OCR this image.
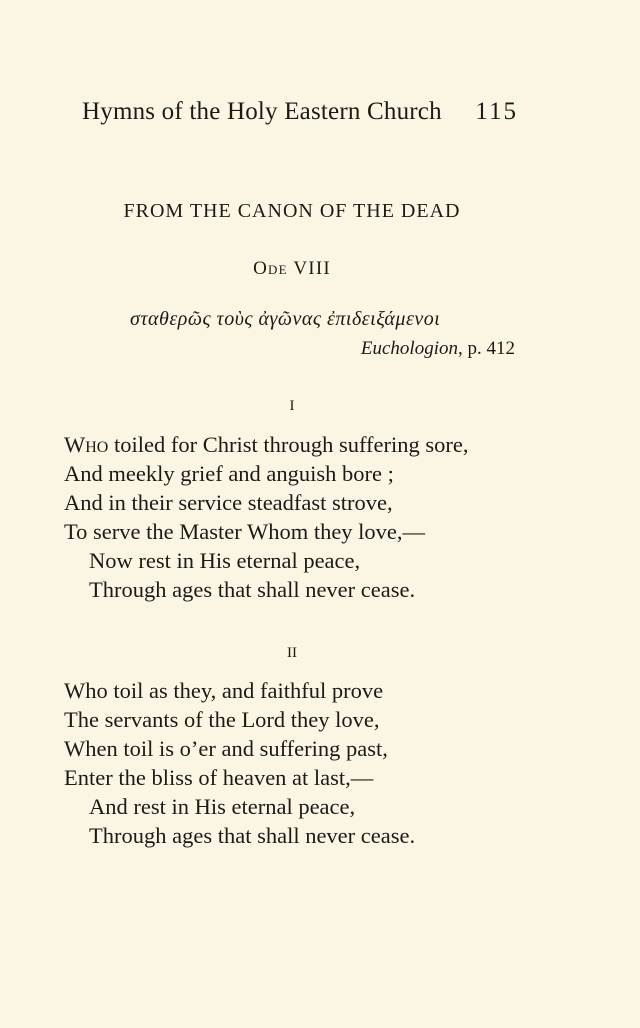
Hymns of the Holy Eastern Church 115
FROM THE CANON OF THE DEAD
Ode VIII
σταθερῶς τοὺς ἀγῶνας ἐπιδειξάμενοι
Euchologion, p. 412
I
Who toiled for Christ through suffering sore,
And meekly grief and anguish bore ;
And in their service steadfast strove,
To serve the Master Whom they love,—
Now rest in His eternal peace,
Through ages that shall never cease.
II
Who toil as they, and faithful prove
The servants of the Lord they love,
When toil is o’er and suffering past,
Enter the bliss of heaven at last,—
And rest in His eternal peace,
Through ages that shall never cease.
